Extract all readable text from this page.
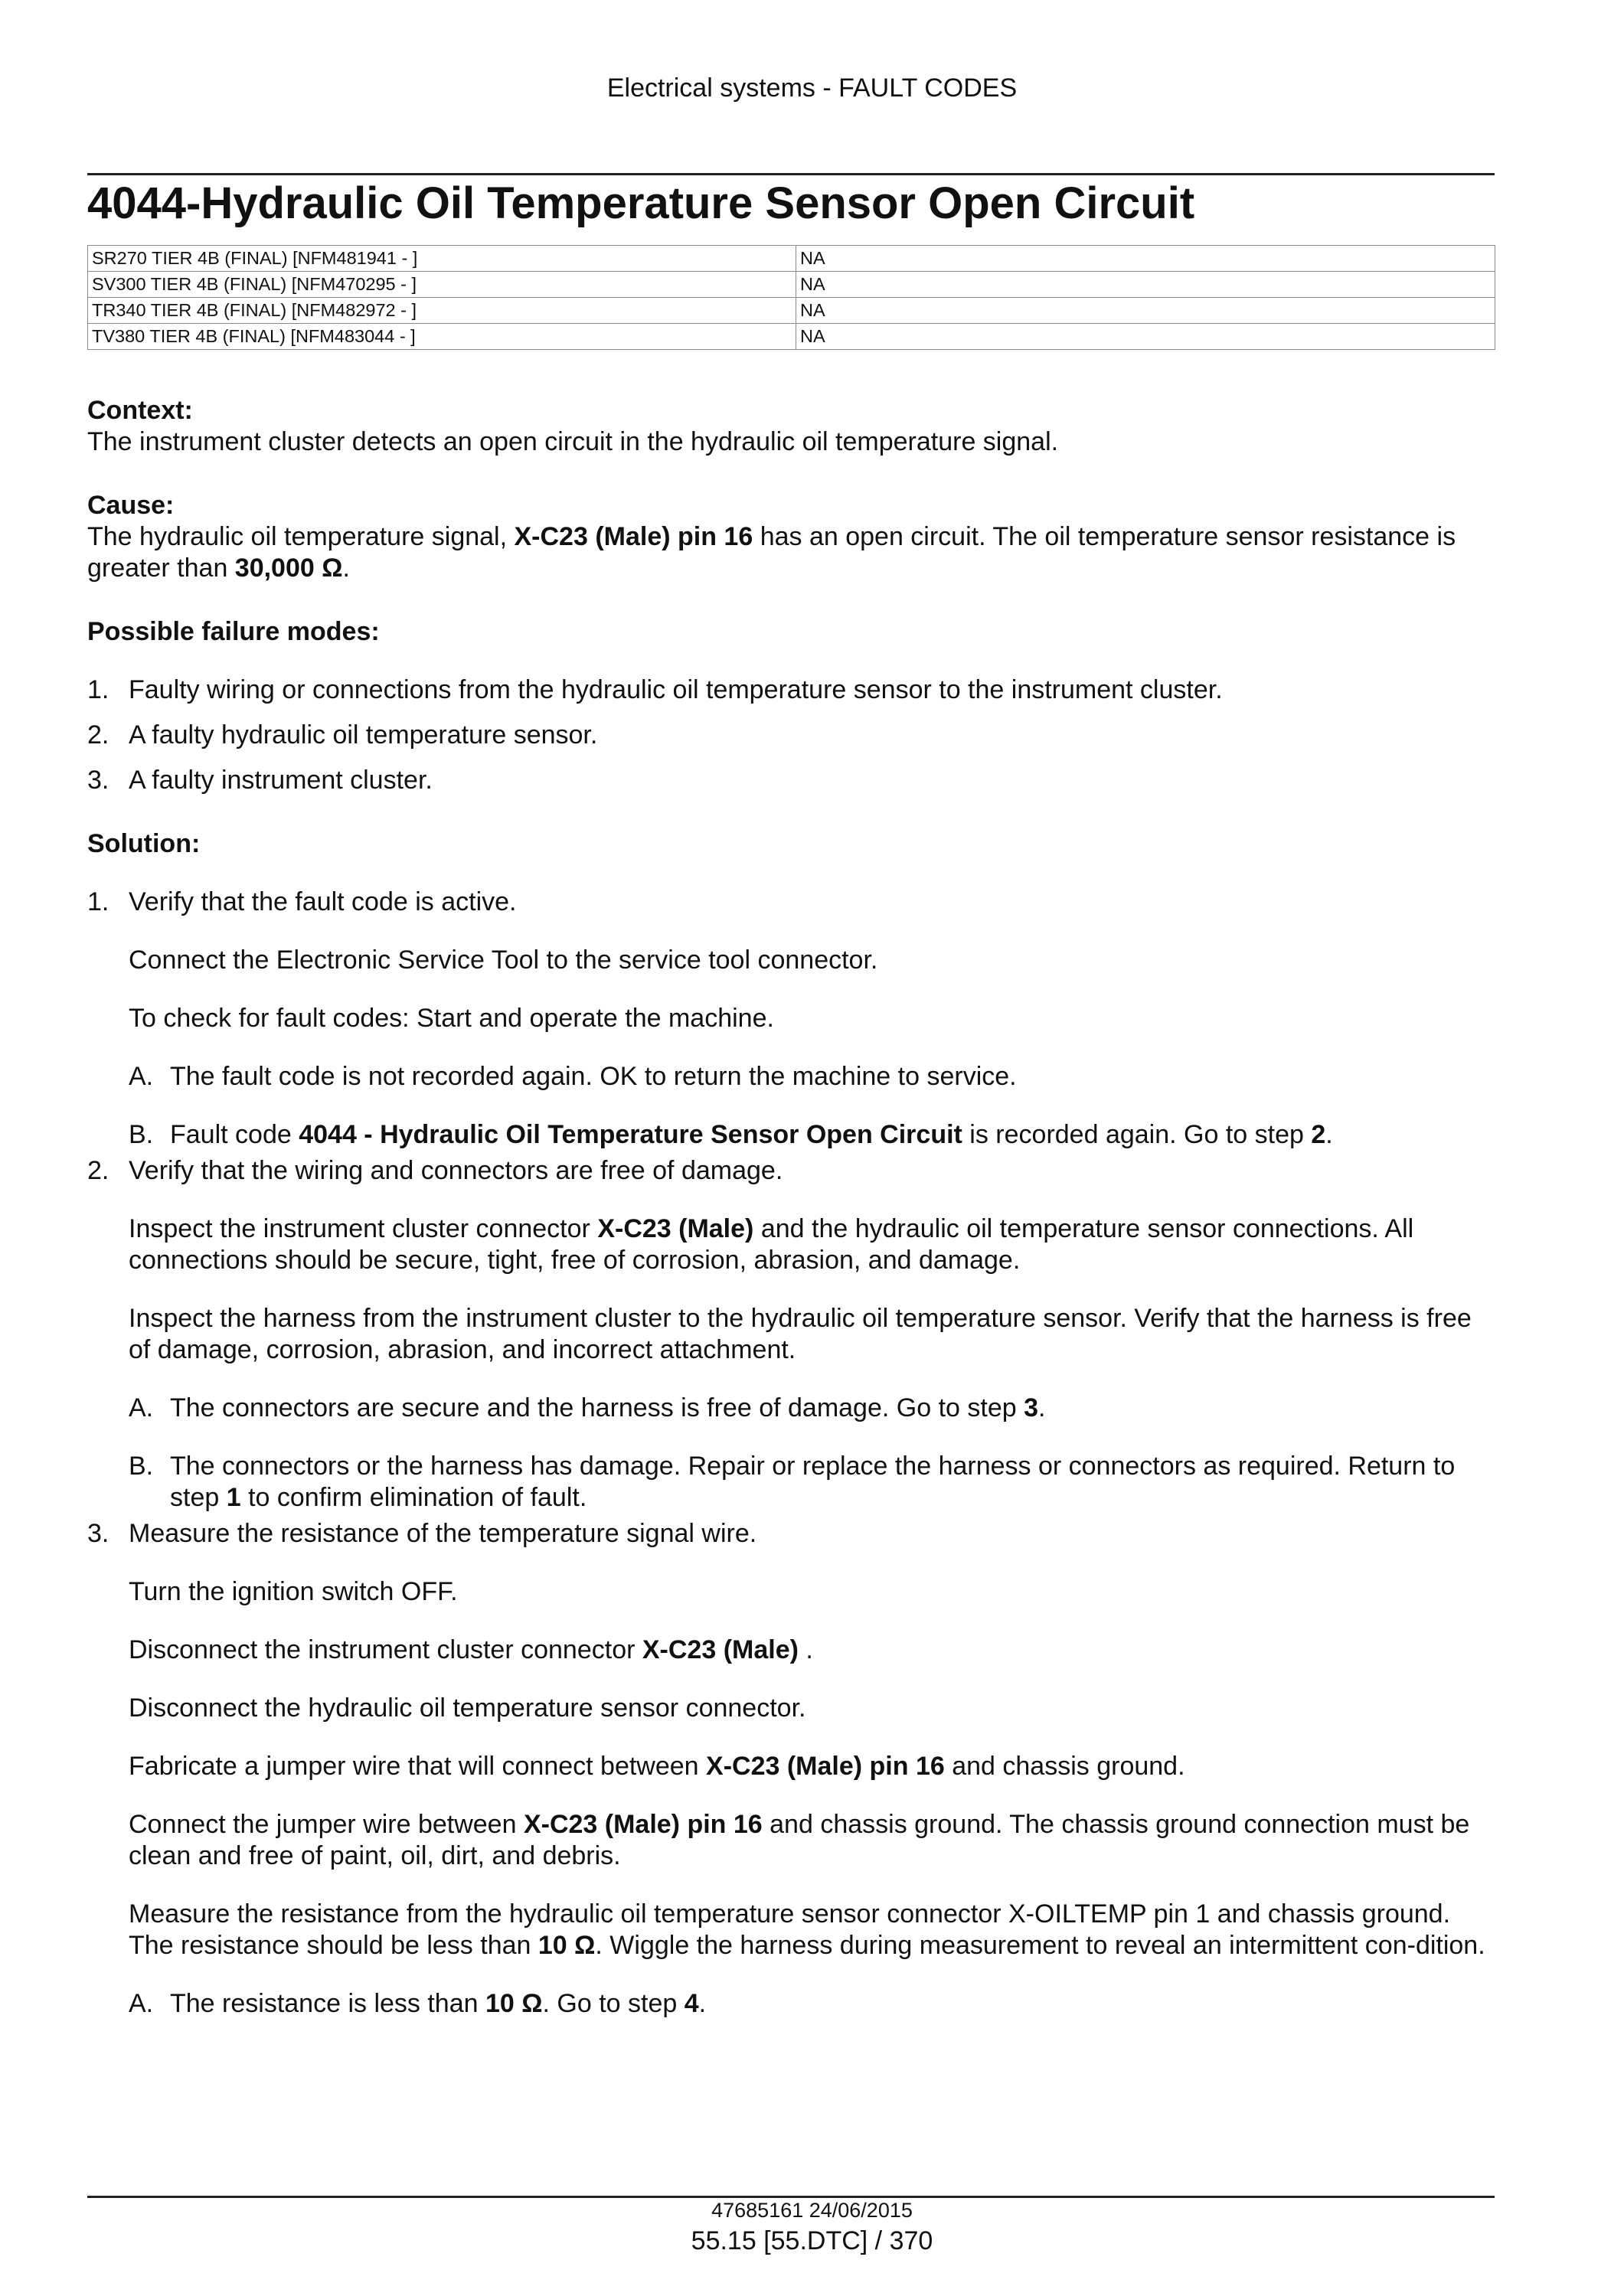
Electrical systems - FAULT CODES
4044-Hydraulic Oil Temperature Sensor Open Circuit
SR270 TIER 4B (FINAL) [NFM481941 - ]	NA
SV300 TIER 4B (FINAL) [NFM470295 - ]	NA
TR340 TIER 4B (FINAL) [NFM482972 - ]	NA
TV380 TIER 4B (FINAL) [NFM483044 - ]	NA

Context:

The instrument cluster detects an open circuit in the hydraulic oil temperature signal.

Cause:

The hydraulic oil temperature signal, X-C23 (Male) pin 16 has an open circuit. The oil temperature sensor resistance is greater than 30,000 Ω.

Possible failure modes:

1. Faulty wiring or connections from the hydraulic oil temperature sensor to the instrument cluster.
2. A faulty hydraulic oil temperature sensor.
3. A faulty instrument cluster.

Solution:

1. Verify that the fault code is active.

Connect the Electronic Service Tool to the service tool connector.

To check for fault codes: Start and operate the machine.

A. The fault code is not recorded again. OK to return the machine to service.
B. Fault code 4044 - Hydraulic Oil Temperature Sensor Open Circuit is recorded again. Go to step 2.
2. Verify that the wiring and connectors are free of damage.

Inspect the instrument cluster connector X-C23 (Male) and the hydraulic oil temperature sensor connections. All connections should be secure, tight, free of corrosion, abrasion, and damage.

Inspect the harness from the instrument cluster to the hydraulic oil temperature sensor. Verify that the harness is free of damage, corrosion, abrasion, and incorrect attachment.

A. The connectors are secure and the harness is free of damage. Go to step 3.
B. The connectors or the harness has damage. Repair or replace the harness or connectors as required. Return to step 1 to confirm elimination of fault.
3. Measure the resistance of the temperature signal wire.

Turn the ignition switch OFF.

Disconnect the instrument cluster connector X-C23 (Male) .

Disconnect the hydraulic oil temperature sensor connector.

Fabricate a jumper wire that will connect between X-C23 (Male) pin 16 and chassis ground.

Connect the jumper wire between X-C23 (Male) pin 16 and chassis ground. The chassis ground connection must be clean and free of paint, oil, dirt, and debris.

Measure the resistance from the hydraulic oil temperature sensor connector X-OILTEMP pin 1 and chassis ground. The resistance should be less than 10 Ω. Wiggle the harness during measurement to reveal an intermittent con-dition.

A. The resistance is less than 10 Ω. Go to step 4.
47685161 24/06/2015
55.15 [55.DTC] / 370
